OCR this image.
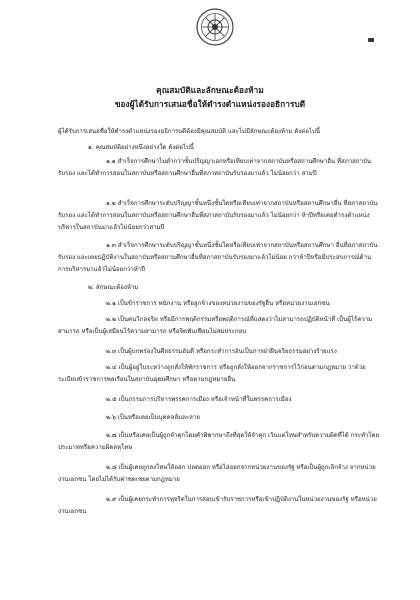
คุณสมบัติและลักษณะต้องห้าม
ของผู้ได้รับการเสนอชื่อให้ดำรงตำแหน่งรองอธิการบดี
ผู้ได้รับการเสนอชื่อให้ดำรงตำแหน่งรองอธิการบดีต้องมีคุณสมบัติ และไม่มีลักษณะต้องห้าม ดังต่อไปนี้
๑. คุณสมบัติอย่างหนึ่งอย่างใด ดังต่อไปนี้
๑.๑ สำเร็จการศึกษาไม่ต่ำกว่าชั้นปริญญาเอกหรือเทียบเท่าจากสถาบันหรือสถานศึกษาอื่น ที่สภาสถาบันรับรอง และได้ทำการสอนในสถาบันหรือสถานศึกษาอื่นที่สภาสถาบันรับรองมาแล้ว ไม่น้อยกว่า สามปี
๑.๒ สำเร็จการศึกษาระดับปริญญาชั้นหนึ่งชั้นใดหรือเทียบเท่าจากสถาบันหรือสถานศึกษาอื่น ที่สภาสถาบันรับรอง และได้ทำการสอนในสถาบันหรือสถานศึกษาอื่นที่สภาสถาบันรับรองมาแล้ว ไม่น้อยกว่า ห้าปีหรือเคยดำรงตำแหน่งบริหารในสถาบันมาแล้วไม่น้อยกว่าสามปี
๑.๓ สำเร็จการศึกษาระดับปริญญาชั้นหนึ่งชั้นใดหรือเทียบเท่าจากสถาบันหรือสถานศึกษา อื่นที่สภาสถาบันรับรอง และเคยปฏิบัติงานในสถาบันหรือสถานศึกษาอื่นที่สภาสถาบันรับรองมาแล้วไม่น้อย กว่าห้าปีหรือมีประสบการณ์ด้านการบริหารมาแล้วไม่น้อยกว่าห้าปี
๒. ลักษณะต้องห้าม
๒.๑ เป็นข้าราชการ พนักงาน หรือลูกจ้างของหน่วยงานของรัฐอื่น หรือหน่วยงานเอกชน
๒.๒ เป็นคนวิกลจริต หรือมีการพฤติกรรมหรือพฤติการณ์ที่แสดงว่าไม่สามารถปฏิบัติหน้าที่ เป็นผู้ไร้ความสามารถ หรือเป็นผู้เสมือนไร้ความสามารถ หรือจิตฟั่นเฟือนไม่สมประกอบ
๒.๓ เป็นผู้บกพร่องในศีลธรรมอันดี หรือกระทำการอันเป็นการฝ่าฝืนจริยธรรมอย่างร้ายแรง
๒.๔ เป็นผู้อยู่ในระหว่างถูกสั่งให้พักราชการ หรือถูกสั่งให้ออกจากราชการไว้ก่อนตามกฎหมาย ว่าด้วยระเบียบข้าราชการพลเรือนในสถาบันอุดมศึกษา หรือตามกฎหมายอื่น
๒.๕ เป็นกรรมการบริหารพรรคการเมือง หรือเจ้าหน้าที่ในพรรคการเมือง
๒.๖ เป็นหรือเคยเป็นบุคคลล้มละลาย
๒.๗ เป็นหรือเคยเป็นผู้ถูกจำคุกโดยคำพิพากษาถึงที่สุดให้จำคุก เว้นแต่โทษสำหรับความผิดที่ได้ กระทำโดยประมาทหรือความผิดลหุโทษ
๒.๘ เป็นผู้เคยถูกลงโทษให้ออก ปลดออก หรือไล่ออกจากหน่วยงานของรัฐ หรือเป็นผู้ถูกเลิกจ้าง จากหน่วยงานเอกชน โดยไม่ได้รับค่าชดเชยตามกฎหมาย
๒.๙ เป็นผู้เคยกระทำการทุจริตในการสอบเข้ารับราชการหรือเข้าปฏิบัติงานในหน่วยงานของรัฐ หรือหน่วยงานเอกชน
